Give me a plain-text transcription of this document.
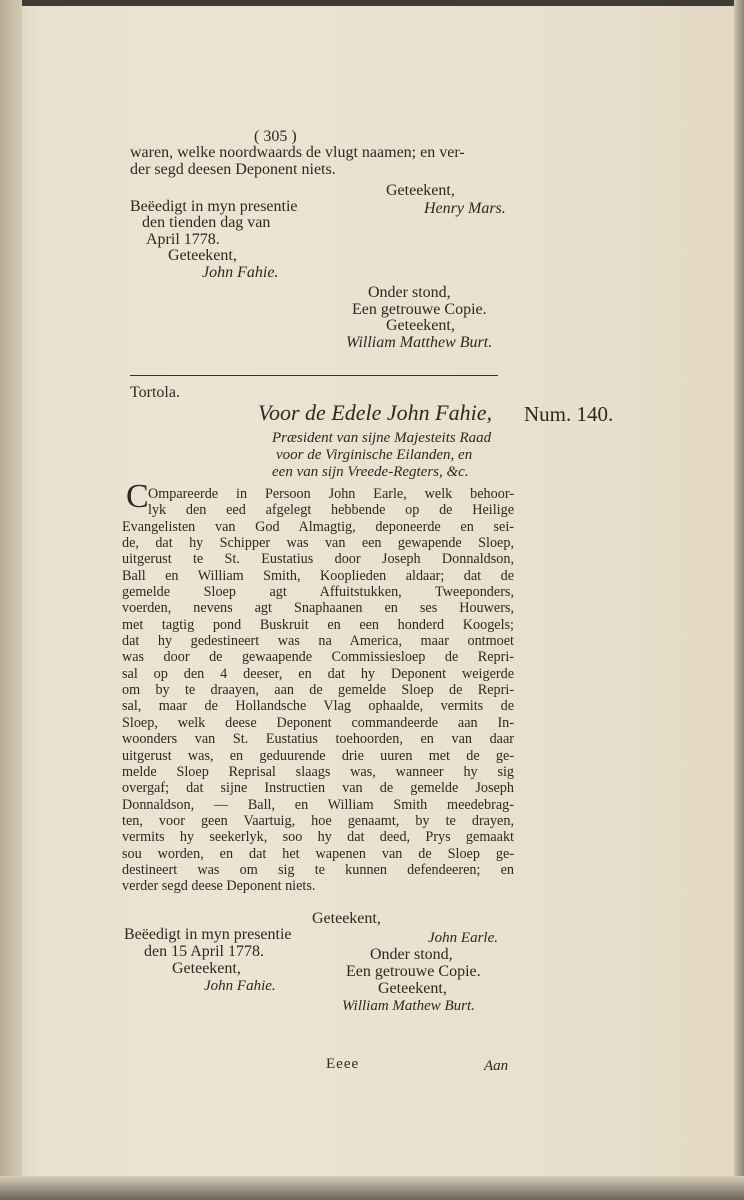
( 305 )
waren, welke noordwaards de vlugt naamen; en ver-
der segd deesen Deponent niets.
Geteekent,
Beëedigt in myn presentie	Henry Mars.
den tienden dag van
April 1778.
Geteekent,
John Fahie.
Onder stond,
Een getrouwe Copie.
Geteekent,
William Matthew Burt.
Tortola.
Voor de Edele John Fahie, Num. 140.
Præsident van sijne Majesteits Raad
voor de Virginische Eilanden, en
een van sijn Vreede-Regters, &c.
C Ompareerde in Persoon John Earle, welk behoor-
lyk den eed afgelegt hebbende op de Heilige
Evangelisten van God Almagtig, deponeerde en sei-
de, dat hy Schipper was van een gewapende Sloep,
uitgerust te St. Eustatius door Joseph Donnaldson,
Ball en William Smith, Kooplieden aldaar; dat de
gemelde Sloep agt Affuitstukken, Tweeponders,
voerden, nevens agt Snaphaanen en ses Houwers,
met tagtig pond Buskruit en een honderd Koogels;
dat hy gedestineert was na America, maar ontmoet
was door de gewaapende Commissiesloep de Repri-
sal op den 4 deeser, en dat hy Deponent weigerde
om by te draayen, aan de gemelde Sloep de Repri-
sal, maar de Hollandsche Vlag ophaalde, vermits de
Sloep, welk deese Deponent commandeerde aan In-
woonders van St. Eustatius toehoorden, en van daar
uitgerust was, en geduurende drie uuren met de ge-
melde Sloep Reprisal slaags was, wanneer hy sig
overgaf; dat sijne Instructien van de gemelde Joseph
Donnaldson, — Ball, en William Smith meedebrag-
ten, voor geen Vaartuig, hoe genaamt, by te drayen,
vermits hy seekerlyk, soo hy dat deed, Prys gemaakt
sou worden, en dat het wapenen van de Sloep ge-
destineert was om sig te kunnen defendeeren; en
verder segd deese Deponent niets.
Geteekent,
Beëedigt in myn presentie	John Earle.
den 15 April 1778.	Onder stond,
Geteekent,	Een getrouwe Copie.
John Fahie.	Geteekent,
William Mathew Burt.
Eeee	Aan
